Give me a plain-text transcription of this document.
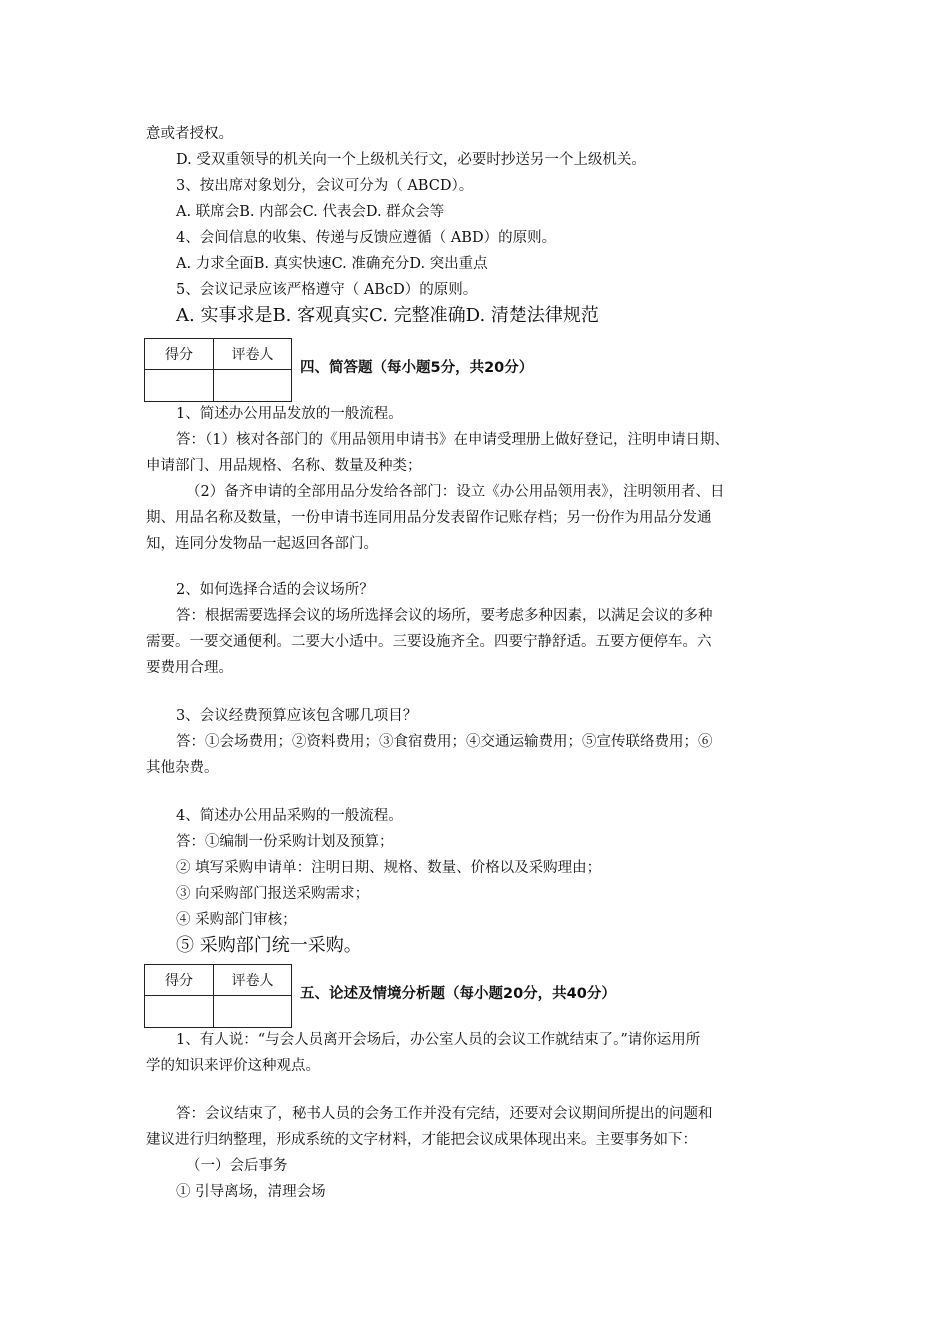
意或者授权。
D. 受双重领导的机关向一个上级机关行文，必要时抄送另一个上级机关。
3、按出席对象划分，会议可分为（ ABCD）。
A. 联席会B. 内部会C. 代表会D. 群众会等
4、会间信息的收集、传递与反馈应遵循（ ABD）的原则。
A. 力求全面B. 真实快速C. 准确充分D. 突出重点
5、会议记录应该严格遵守（ ABcD）的原则。
A. 实事求是B. 客观真实C. 完整准确D. 清楚法律规范
得分	评卷人
四、简答题（每小题5分，共20分）
1、简述办公用品发放的一般流程。
答：（1）核对各部门的《用品领用申请书》在申请受理册上做好登记，注明申请日期、
申请部门、用品规格、名称、数量及种类；
（2）备齐申请的全部用品分发给各部门：设立《办公用品领用表》，注明领用者、日
期、用品名称及数量，一份申请书连同用品分发表留作记账存档；另一份作为用品分发通
知，连同分发物品一起返回各部门。
2、如何选择合适的会议场所？
答：根据需要选择会议的场所选择会议的场所，要考虑多种因素，以满足会议的多种
需要。一要交通便利。二要大小适中。三要设施齐全。四要宁静舒适。五要方便停车。六
要费用合理。
3、会议经费预算应该包含哪几项目？
答：①会场费用；②资料费用；③食宿费用；④交通运输费用；⑤宣传联络费用；⑥
其他杂费。
4、简述办公用品采购的一般流程。
答：①编制一份采购计划及预算；
② 填写采购申请单：注明日期、规格、数量、价格以及采购理由；
③ 向采购部门报送采购需求；
④ 采购部门审核；
⑤ 采购部门统一采购。
得分	评卷人
五、论述及情境分析题（每小题20分，共40分）
1、有人说：“与会人员离开会场后，办公室人员的会议工作就结束了。”请你运用所
学的知识来评价这种观点。
答：会议结束了，秘书人员的会务工作并没有完结，还要对会议期间所提出的问题和
建议进行归纳整理，形成系统的文字材料，才能把会议成果体现出来。主要事务如下：
（一）会后事务
① 引导离场，清理会场
